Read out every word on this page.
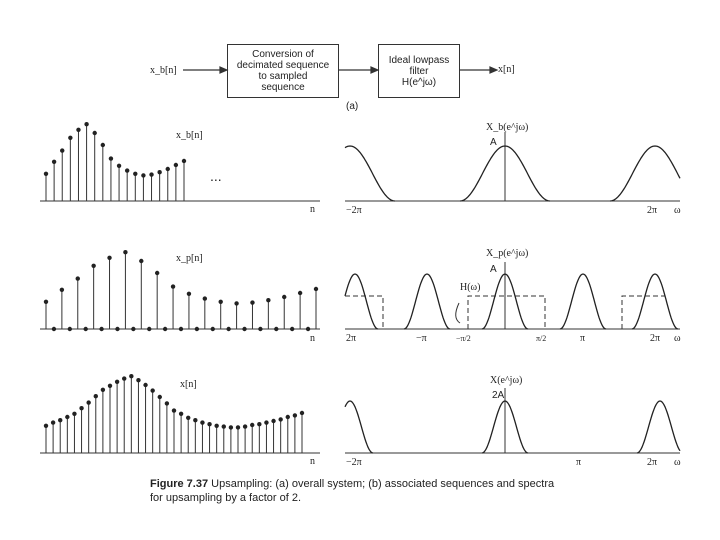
x_b[n]
Conversion of
decimated sequence
to sampled
sequence
Ideal lowpass
filter
H(e^jω)
x[n]
(a)
x_b[n]
...
n
X_b(e^jω)
A
−2π	2π ω
x_p[n]
n
X_p(e^jω)
A
H(ω)
2π	−π	−π/2	π/2	π	2π ω
x[n]
n
X(e^jω)
2A
−2π	π	2π ω
Figure 7.37 Upsampling: (a) overall system; (b) associated sequences and spectra
for upsampling by a factor of 2.
